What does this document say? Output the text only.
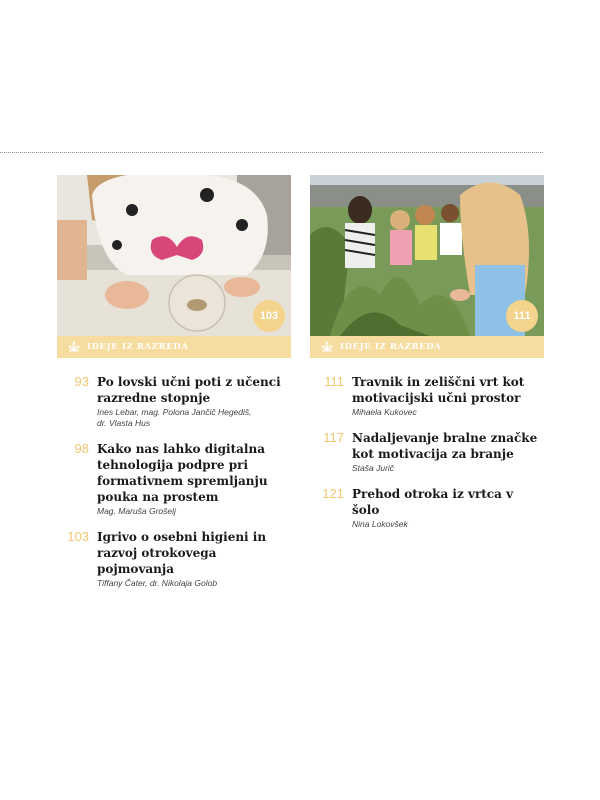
103
IDEJE IZ RAZREDA
93 Po lovski učni poti z učenci
razredne stopnje
Ines Lebar, mag. Polona Jančič Hegediš,
dr. Vlasta Hus
98 Kako nas lahko digitalna
tehnologija podpre pri
formativnem spremljanju
pouka na prostem
Mag. Maruša Grošelj
103 Igrivo o osebni higieni in
razvoj otrokovega pojmovanja
Tiffany Čater, dr. Nikolaja Golob
111
IDEJE IZ RAZREDA
111 Travnik in zeliščni vrt kot
motivacijski učni prostor
Mihaela Kukovec
117 Nadaljevanje bralne značke
kot motivacija za branje
Staša Jurič
121 Prehod otroka iz vrtca v šolo
Nina Lokovšek
